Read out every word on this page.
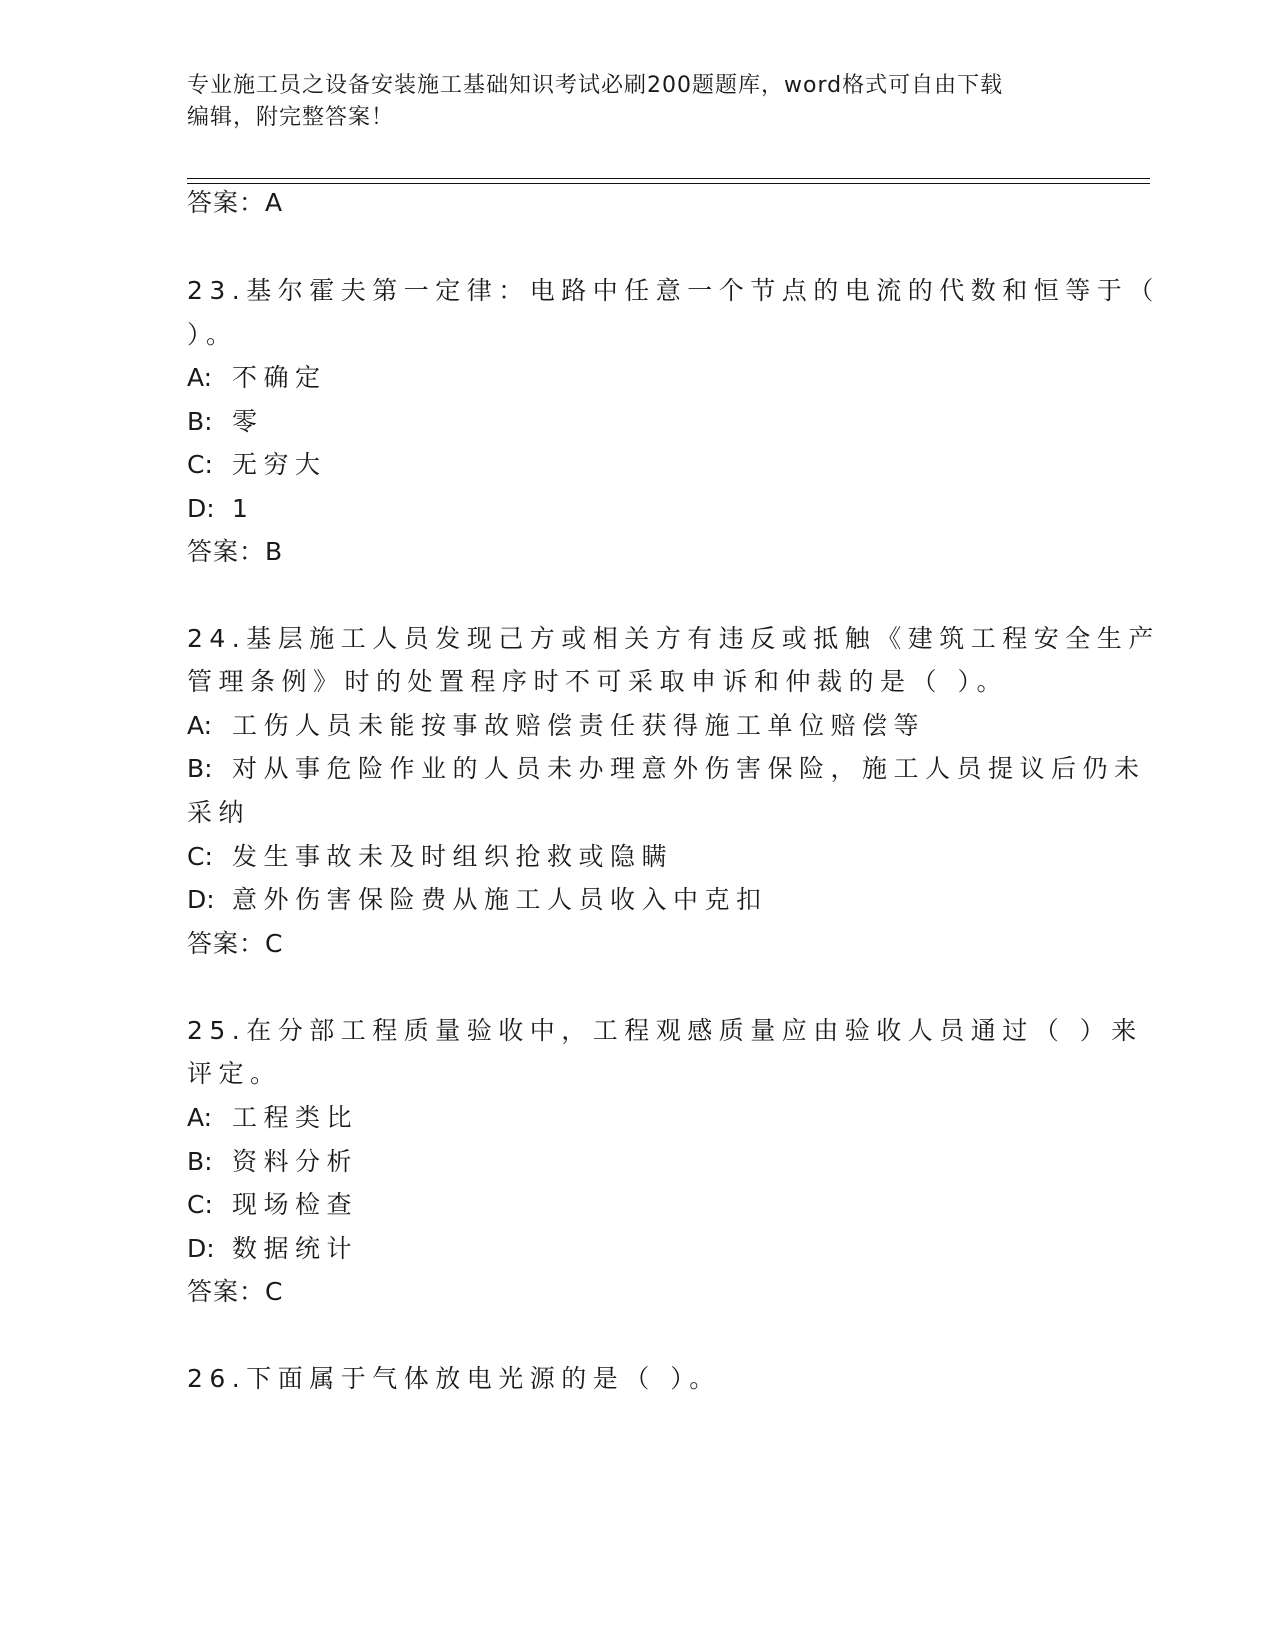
专业施工员之设备安装施工基础知识考试必刷200题题库，word格式可自由下载
编辑，附完整答案！
答案：A
23.基尔霍夫第一定律：电路中任意一个节点的电流的代数和恒等于（
）。
A: 不确定
B: 零
C: 无穷大
D: 1
答案：B
24.基层施工人员发现己方或相关方有违反或抵触《建筑工程安全生产
管理条例》时的处置程序时不可采取申诉和仲裁的是（ ）。
A: 工伤人员未能按事故赔偿责任获得施工单位赔偿等
B: 对从事危险作业的人员未办理意外伤害保险，施工人员提议后仍未
采纳
C: 发生事故未及时组织抢救或隐瞒
D: 意外伤害保险费从施工人员收入中克扣
答案：C
25.在分部工程质量验收中，工程观感质量应由验收人员通过（ ）来
评定。
A: 工程类比
B: 资料分析
C: 现场检查
D: 数据统计
答案：C
26.下面属于气体放电光源的是（ ）。
